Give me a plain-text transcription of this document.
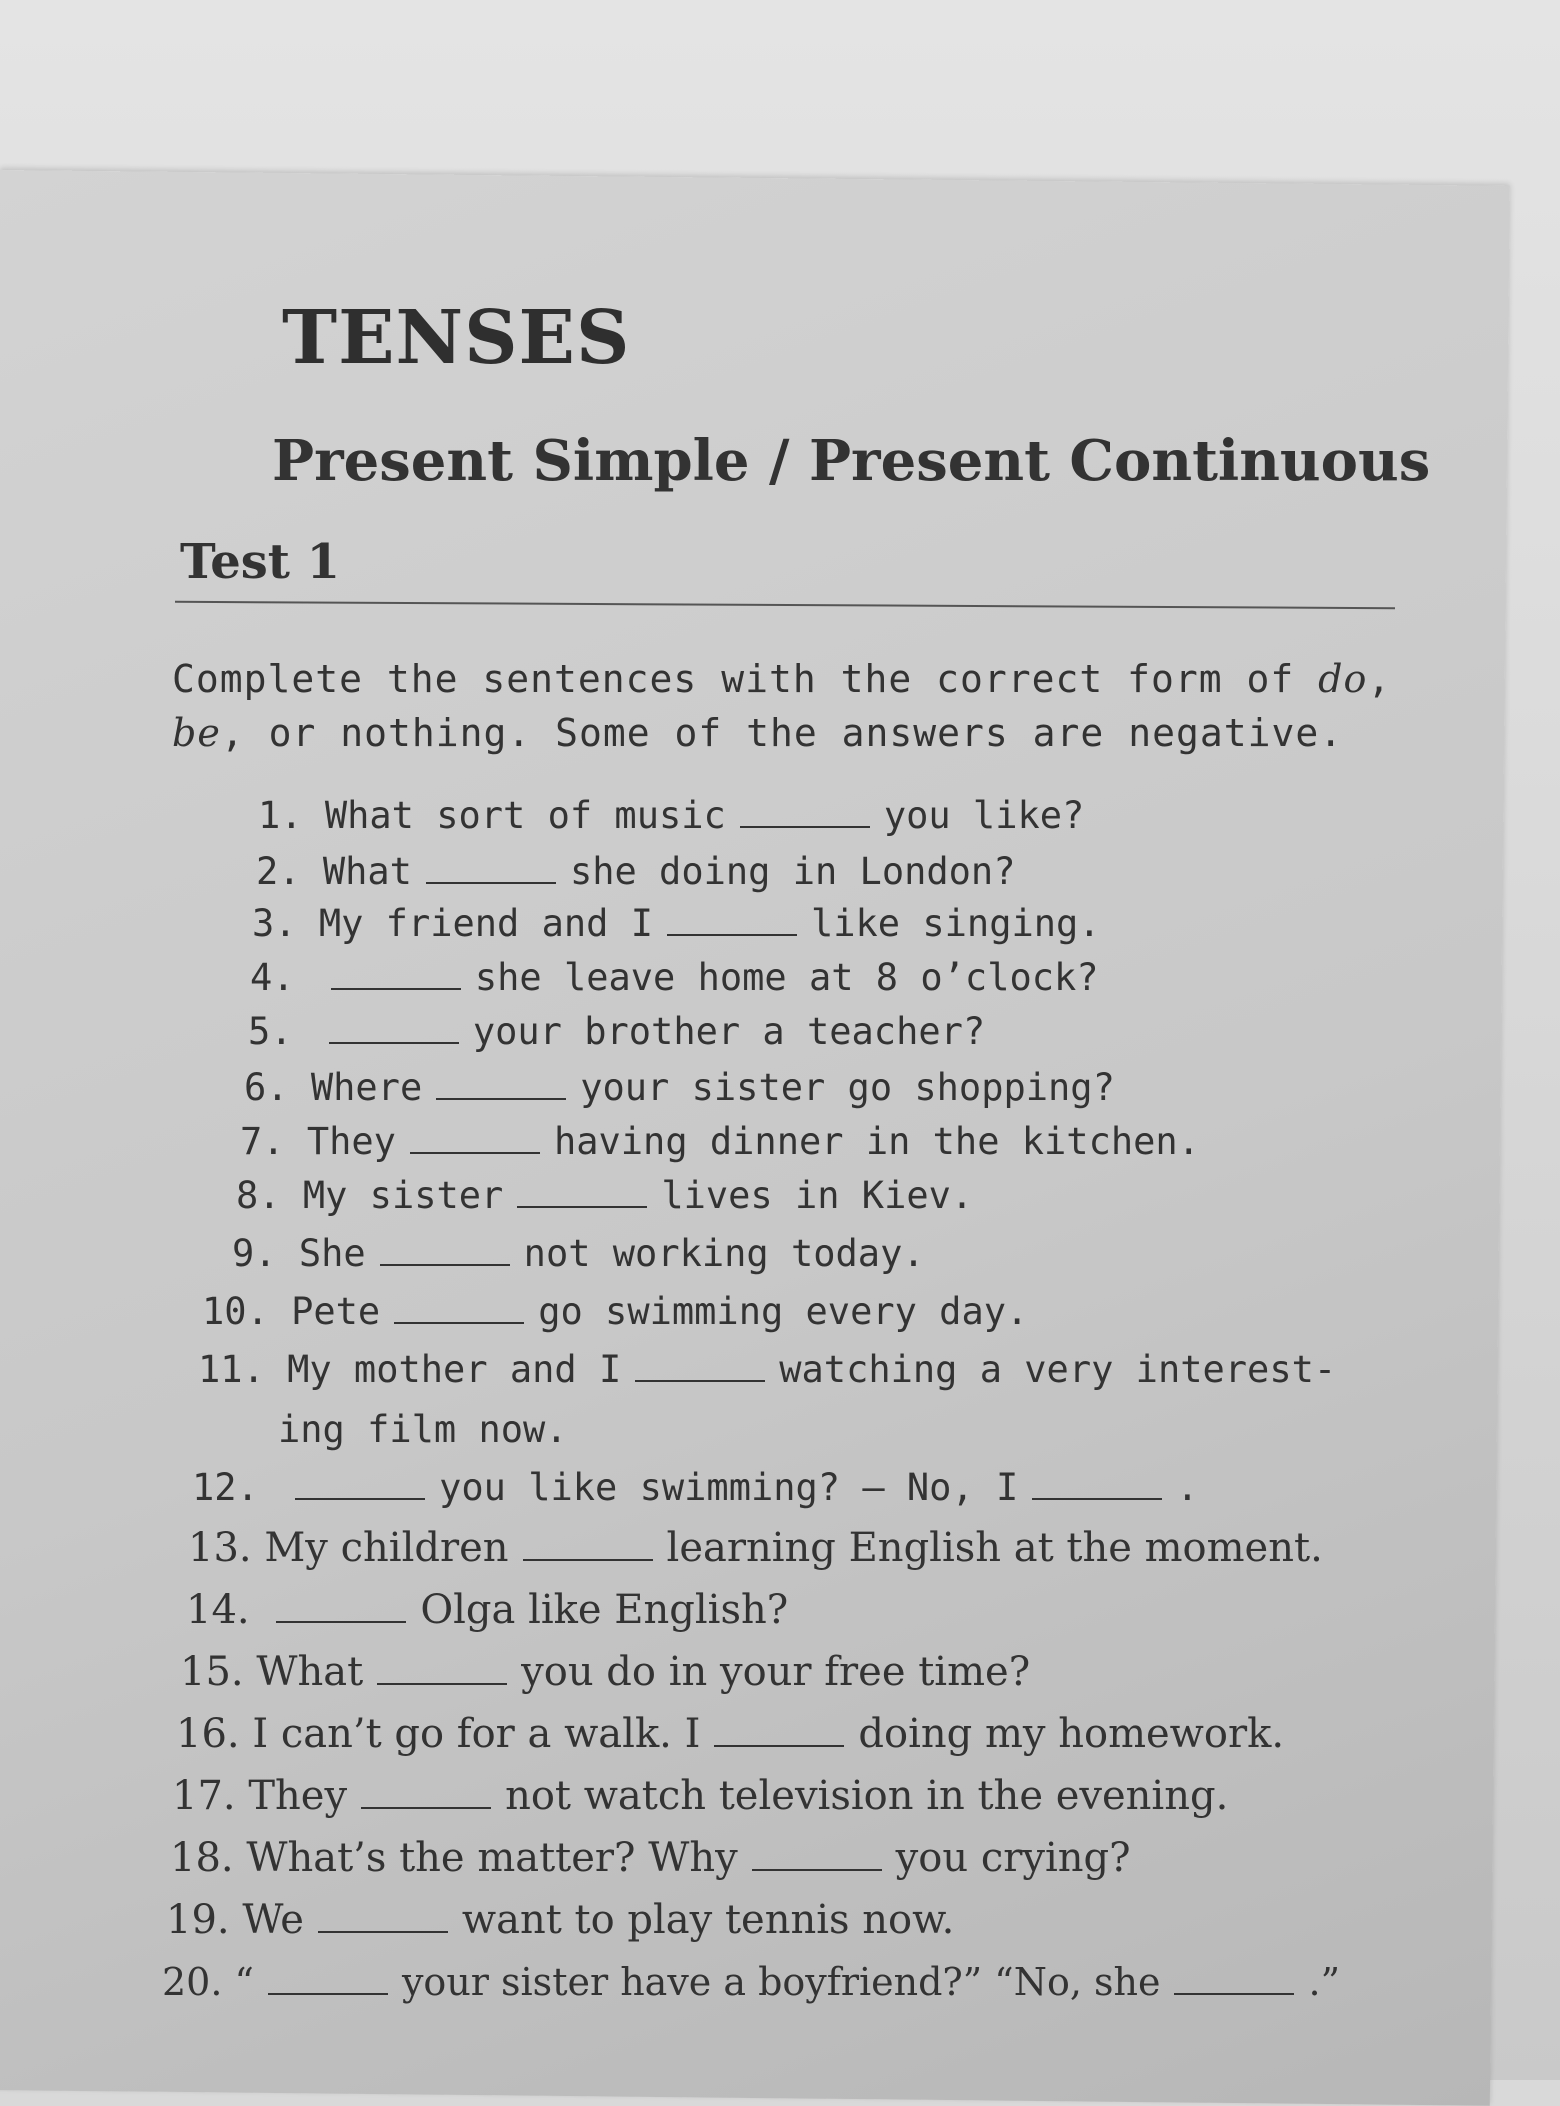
TENSES
Present Simple / Present Continuous
Test 1

Complete the sentences with the correct form of do, be, or nothing. Some of the answers are negative.

1. What sort of music	you like?
2. What	she doing in London?
3. My friend and I	like singing.
4.	she leave home at 8 o’clock?
5.	your brother a teacher?
6. Where	your sister go shopping?
7. They	having dinner in the kitchen.
8. My sister	lives in Kiev.
9. She	not working today.
10. Pete	go swimming every day.
11. My mother and I	watching a very interest-
ing film now.
12.	you like swimming? – No, I	.
13. My children	learning English at the moment.
14.	Olga like English?
15. What	you do in your free time?
16. I can’t go for a walk. I	doing my homework.
17. They	not watch television in the evening.
18. What’s the matter? Why	you crying?
19. We	want to play tennis now.
20. “	your sister have a boyfriend?” “No, she	.”
